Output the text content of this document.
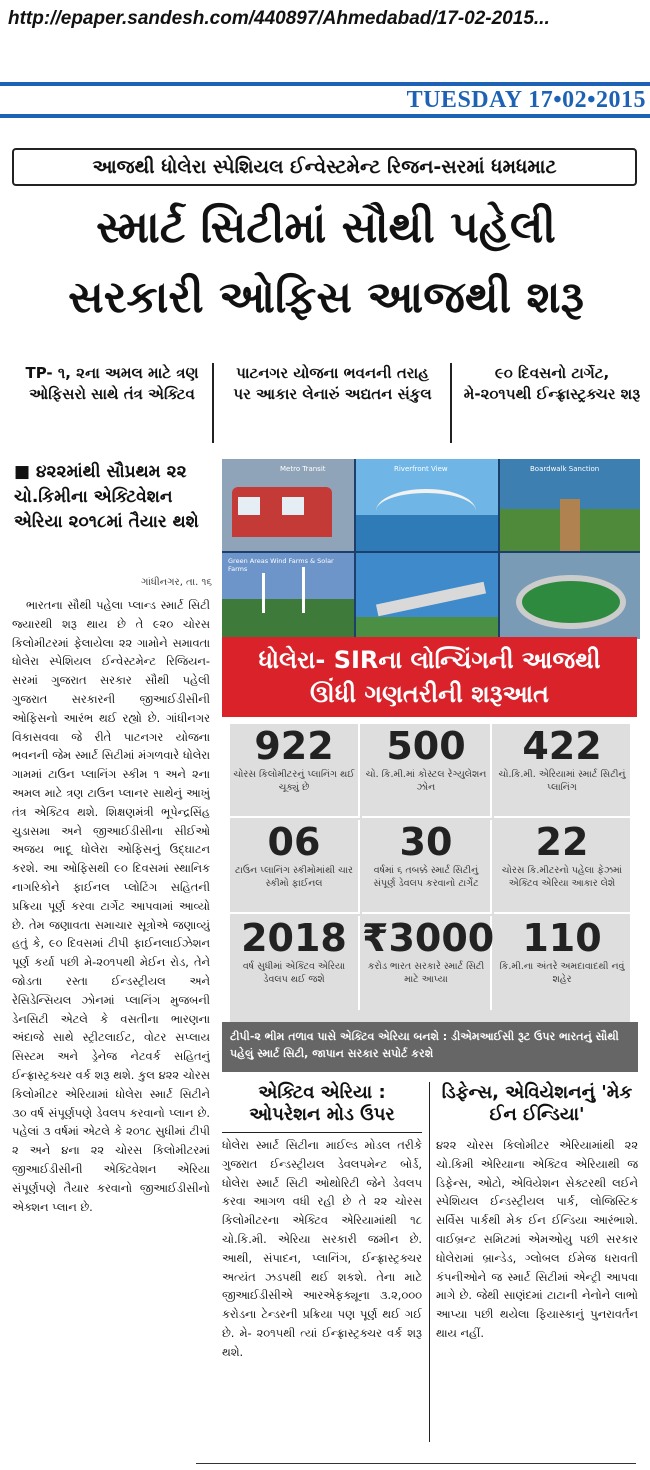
http://epaper.sandesh.com/440897/Ahmedabad/17-02-2015...
TUESDAY 17•02•2015
આજથી ધોલેરા સ્પેશિયલ ઈન્વેસ્ટમેન્ટ રિજન-સરમાં ધમધમાટ
સ્માર્ટ સિટીમાં સૌથી પહેલી
સરકારી ઓફિસ આજથી શરૂ
TP- ૧, ૨ના અમલ માટે ત્રણ ઓફિસરો સાથે તંત્ર એક્ટિવ
પાટનગર યોજના ભવનની તરાહ પર આકાર લેનારું અદ્યતન સંકુલ
૯૦ દિવસનો ટાર્ગેટ, મે-૨૦૧૫થી ઈન્ફ્રાસ્ટ્રક્ચર શરૂ
■ ૪૨૨માંથી સૌપ્રથમ ૨૨ ચો.કિમીના એક્ટિવેશન એરિયા ૨૦૧૮માં તૈયાર થશે
ગાંધીનગર, તા. ૧૬
ભારતના સૌથી પહેલા પ્લાન્ડ સ્માર્ટ સિટી જ્યારથી શરૂ થાય છે તે ૯૨૦ ચોરસ કિલોમીટરમાં ફેલાયેલા ૨૨ ગામોને સમાવતા ધોલેરા સ્પેશિયલ ઈન્વેસ્ટમેન્ટ રિજિયન-સરમાં ગુજરાત સરકાર સૌથી પહેલી ગુજરાત સરકારની જીઆઈડીસીની ઓફિસનો આરંભ થઈ રહ્યો છે. ગાંધીનગર વિકાસવવા જે રીતે પાટનગર યોજના ભવનની જેમ સ્માર્ટ સિટીમાં મંગળવારે ધોલેરા ગામમાં ટાઉન પ્લાનિંગ સ્કીમ ૧ અને ૨ના અમલ માટે ત્રણ ટાઉન પ્લાનર સાથેનું આખું તંત્ર એક્ટિવ થશે. શિક્ષણમંત્રી ભૂપેન્દ્રસિંહ ચુડાસમા અને જીઆઈડીસીના સીઈઓ અજય ભાદૂ ધોલેરા ઓફિસનું ઉદ્ઘાટન કરશે. આ ઓફિસથી ૯૦ દિવસમાં સ્થાનિક નાગરિકોને ફાઈનલ પ્લોટિંગ સહિતની પ્રક્રિયા પૂર્ણ કરવા ટાર્ગેટ આપવામાં આવ્યો છે. તેમ જણાવતા સમાચાર સૂત્રોએ જણાવ્યું હતું કે, ૯૦ દિવસમાં ટીપી ફાઈનલાઈઝેશન પૂર્ણ કર્યા પછી મે-૨૦૧૫થી મેઈન રોડ, તેને જોડતા રસ્તા ઈન્ડસ્ટ્રીયલ અને રેસિડેન્સિયલ ઝોનમાં પ્લાનિંગ મુજબની ડેનસિટી એટલે કે વસતીના ભારણના અંદાજે સાથે સ્ટ્રીટલાઈટ, વોટર સપ્લાય સિસ્ટમ અને ડ્રેનેજ નેટવર્ક સહિતનું ઈન્ફ્રાસ્ટ્રક્ચર વર્ક શરૂ થશે. કુલ ૪૨૨ ચોરસ કિલોમીટર એરિયામાં ધોલેરા સ્માર્ટ સિટીને ૩૦ વર્ષ સંપૂર્ણપણે ડેવલપ કરવાનો પ્લાન છે. પહેલાં ૩ વર્ષમાં એટલે કે ૨૦૧૮ સુધીમાં ટીપી ૨ અને ૪ના ૨૨ ચોરસ કિલોમીટરમાં જીઆઈડીસીની એક્ટિવેશન એરિયા સંપૂર્ણપણે તૈયાર કરવાનો જીઆઈડીસીનો એક્શન પ્લાન છે.
Metro Transit	Riverfront View	Boardwalk Sanction
Green Areas Wind Farms & Solar Farms
ધોલેરા- SIRના લોન્ચિંગની આજથી ઊંધી ગણતરીની શરૂઆત
922
ચોરસ કિલોમીટરનું પ્લાનિંગ થઈ ચૂક્યું છે
500
ચો. કિ.મી.માં કોસ્ટલ રેગ્યુલેશન ઝોન
422
ચો.કિ.મી. એરિયામાં સ્માર્ટ સિટીનું પ્લાનિંગ
06
ટાઉન પ્લાનિંગ સ્કીમોમાંથી ચાર સ્કીમો ફાઈનલ
30
વર્ષમાં ૬ તબક્કે સ્માર્ટ સિટીનું સંપૂર્ણ ડેવલપ કરવાનો ટાર્ગેટ
22
ચોરસ કિ.મીટરનો પહેલા ફેઝમાં એક્ટિવ એરિયા આકાર લેશે
2018
વર્ષ સુધીમાં એક્ટિવ એરિયા ડેવલપ થઈ જશે
₹3000
કરોડ ભારત સરકારે સ્માર્ટ સિટી માટે આપ્યા
110
કિ.મી.ના અંતરે અમદાવાદથી નવું શહેર
ટીપી-૨ ભીમ તળાવ પાસે એક્ટિવ એરિયા બનશે : ડીએમઆઈસી રૂટ ઉપર ભારતનું સૌથી પહેલું સ્માર્ટ સિટી, જાપાન સરકાર સપોર્ટ કરશે
એક્ટિવ એરિયા : ઓપરેશન મોડ ઉપર
ધોલેરા સ્માર્ટ સિટીના માઈલ્ડ મોડલ તરીકે ગુજરાત ઈન્ડસ્ટ્રીયલ ડેવલપમેન્ટ બોર્ડ, ધોલેરા સ્માર્ટ સિટી ઓથોરિટી જેને ડેવલપ કરવા આગળ વધી રહી છે તે ૨૨ ચોરસ કિલોમીટરના એક્ટિવ એરિયામાંથી ૧૮ ચો.કિ.મી. એરિયા સરકારી જમીન છે. આથી, સંપાદન, પ્લાનિંગ, ઈન્ફ્રાસ્ટ્રક્ચર અત્યંત ઝડપથી થઈ શકશે. તેના માટે જીઆઈડીસીએ આરએફક્યૂના ૩.૨,૦૦૦ કરોડના ટેન્ડરની પ્રક્રિયા પણ પૂર્ણ થઈ ગઈ છે. મે- ૨૦૧૫થી ત્યાં ઈન્ફ્રાસ્ટ્રક્ચર વર્ક શરૂ થશે.
ડિફેન્સ, એવિયેશનનું 'મેક ઈન ઈન્ડિયા'
૪૨૨ ચોરસ કિલોમીટર એરિયામાંથી ૨૨ ચો.કિમી એરિયાના એક્ટિવ એરિયાથી જ ડિફેન્સ, ઓટો, એવિયેશન સેક્ટરથી લઈને સ્પેશિયલ ઈન્ડસ્ટ્રીયલ પાર્ક, લોજિસ્ટિક સર્વિસ પાર્કથી મેક ઈન ઈન્ડિયા આરંભાશે. વાઈબ્રન્ટ સમિટમાં એમઓયુ પછી સરકાર ધોલેરામાં બ્રાન્ડેડ, ગ્લોબલ ઈમેજ ધરાવતી કંપનીઓને જ સ્માર્ટ સિટીમાં એન્ટ્રી આપવા માગે છે. જેથી સાણંદમાં ટાટાની નેનોને લાભો આપ્યા પછી થયેલા ફિયાસ્કાનું પુનરાવર્તન થાય નહીં.
